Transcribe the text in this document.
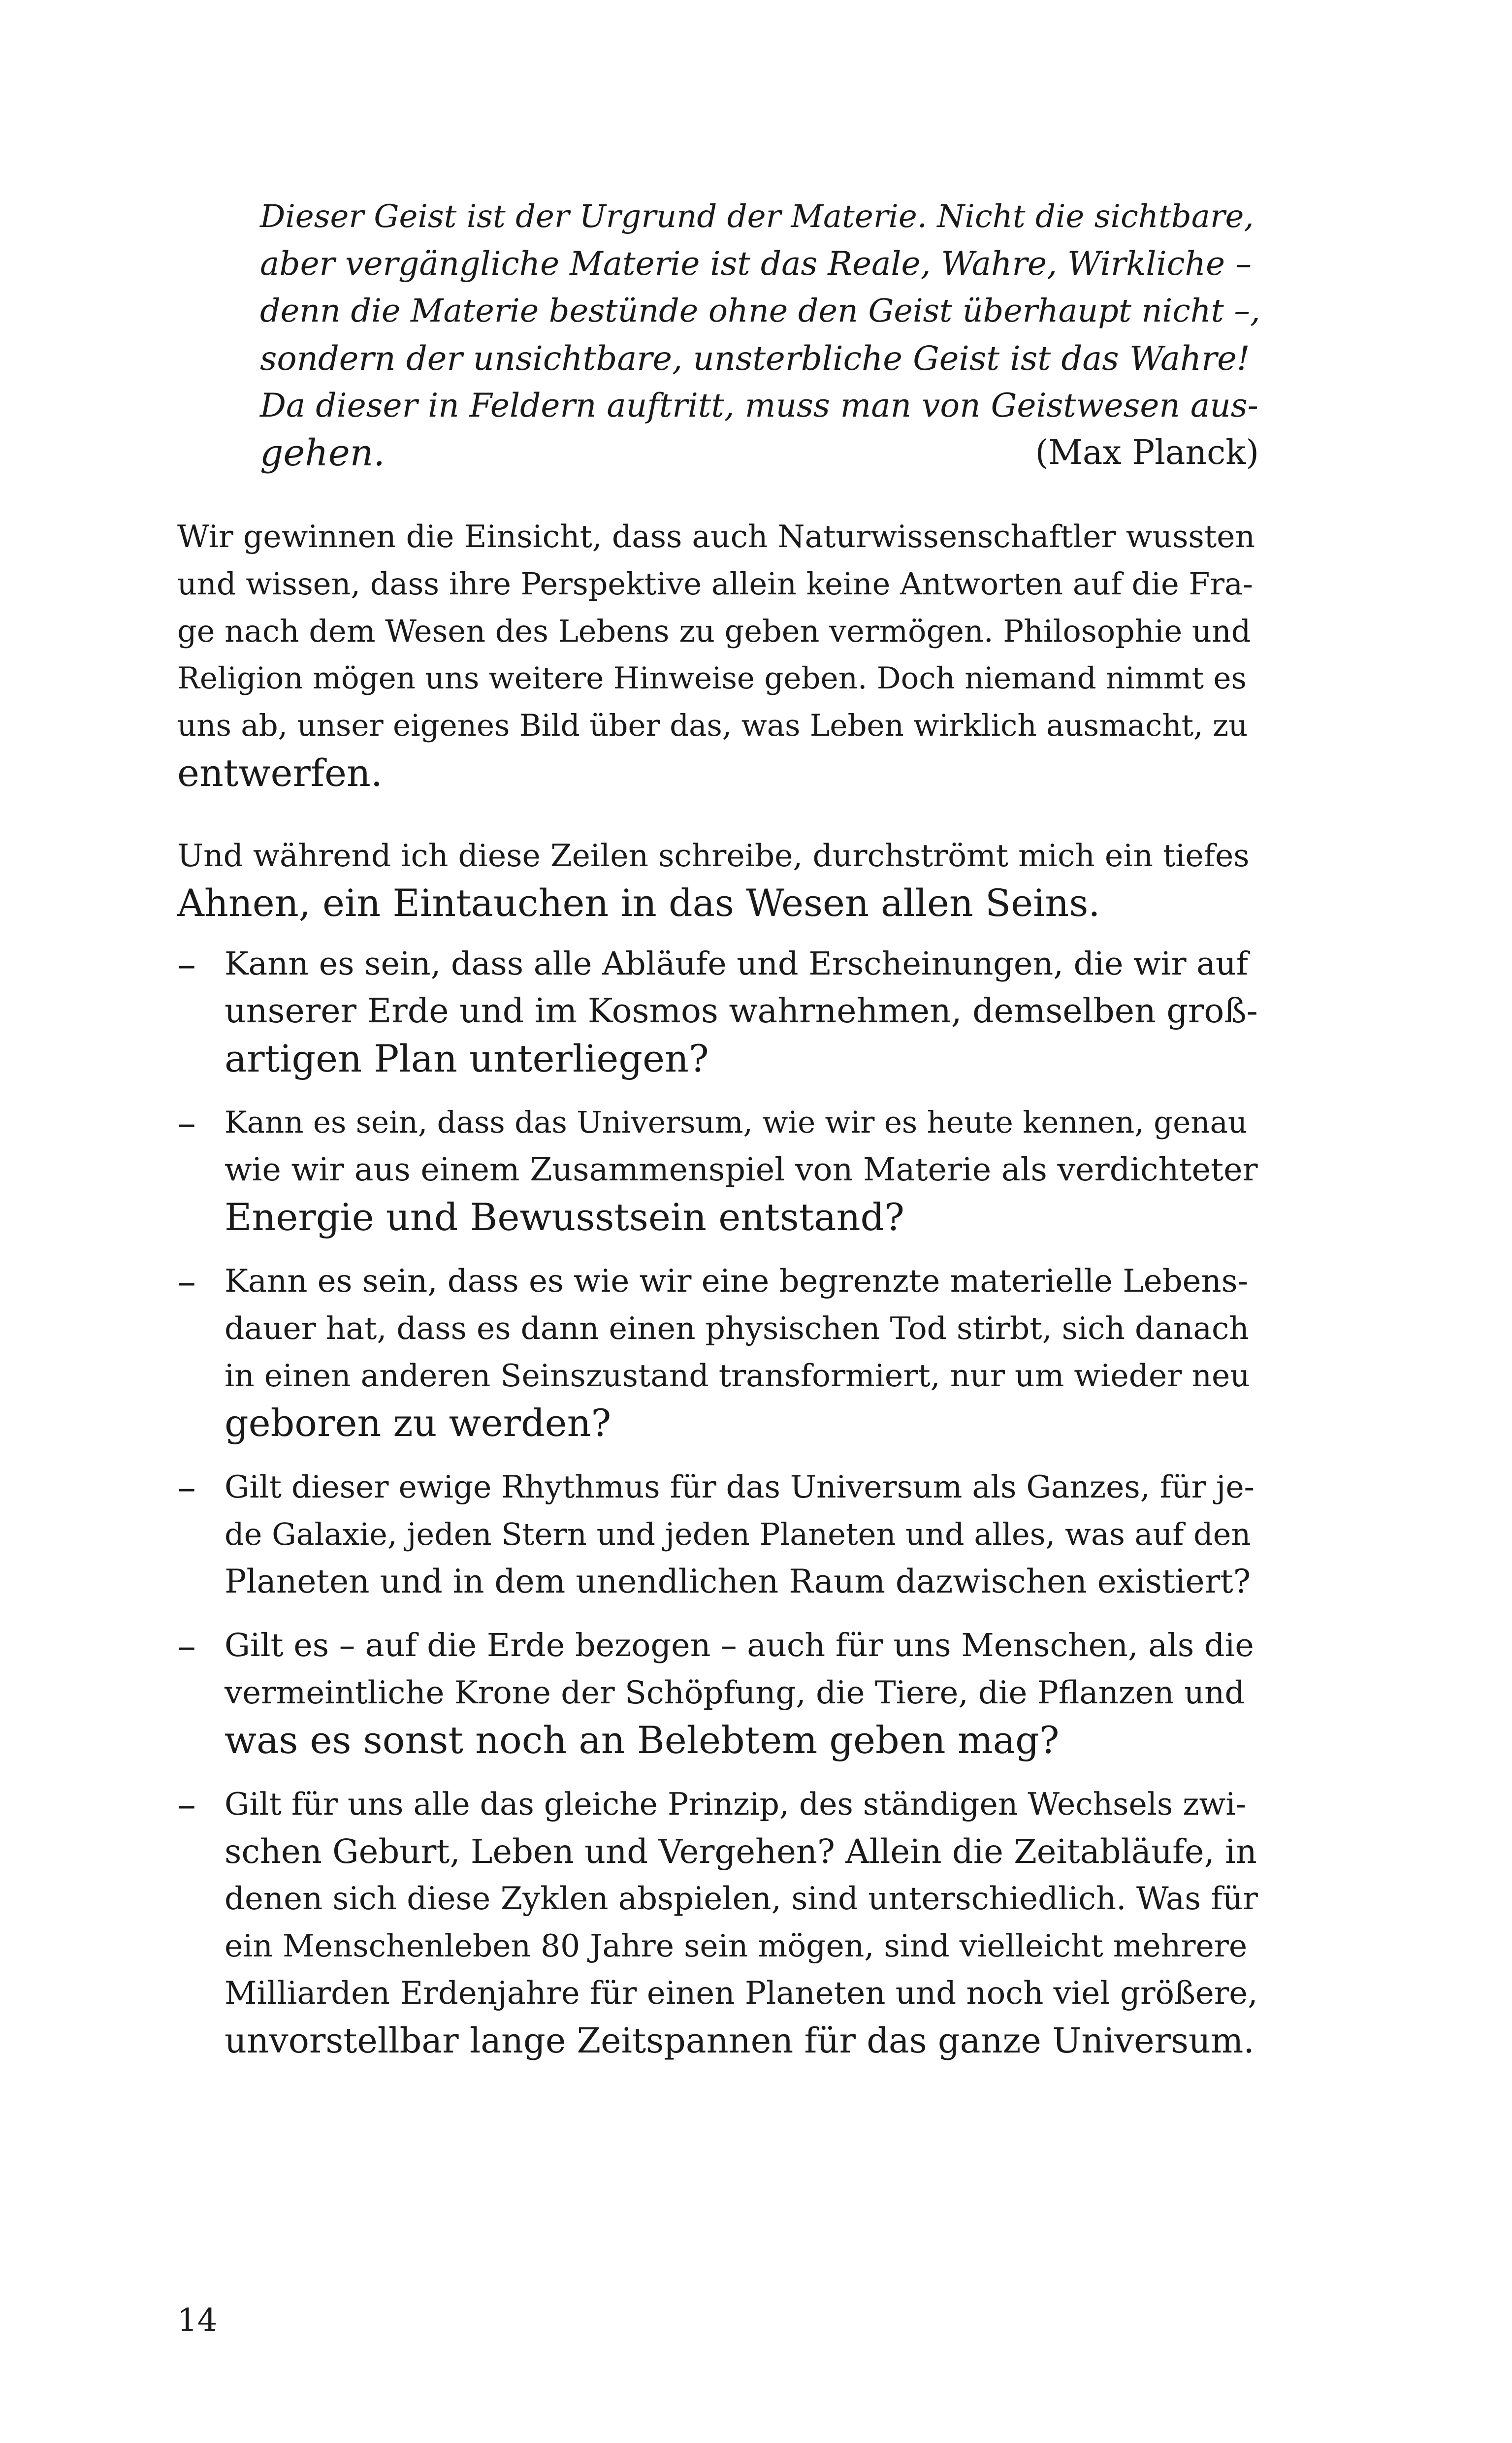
Dieser Geist ist der Urgrund der Materie. Nicht die sichtbare,
aber vergängliche Materie ist das Reale, Wahre, Wirkliche –
denn die Materie bestünde ohne den Geist überhaupt nicht –,
sondern der unsichtbare, unsterbliche Geist ist das Wahre!
Da dieser in Feldern auftritt, muss man von Geistwesen aus-
gehen.	(Max Planck)
Wir gewinnen die Einsicht, dass auch Naturwissenschaftler wussten
und wissen, dass ihre Perspektive allein keine Antworten auf die Fra-
ge nach dem Wesen des Lebens zu geben vermögen. Philosophie und
Religion mögen uns weitere Hinweise geben. Doch niemand nimmt es
uns ab, unser eigenes Bild über das, was Leben wirklich ausmacht, zu
entwerfen.
Und während ich diese Zeilen schreibe, durchströmt mich ein tiefes
Ahnen, ein Eintauchen in das Wesen allen Seins.
– Kann es sein, dass alle Abläufe und Erscheinungen, die wir auf
unserer Erde und im Kosmos wahrnehmen, demselben groß-
artigen Plan unterliegen?
– Kann es sein, dass das Universum, wie wir es heute kennen, genau
wie wir aus einem Zusammenspiel von Materie als verdichteter
Energie und Bewusstsein entstand?
– Kann es sein, dass es wie wir eine begrenzte materielle Lebens-
dauer hat, dass es dann einen physischen Tod stirbt, sich danach
in einen anderen Seinszustand transformiert, nur um wieder neu
geboren zu werden?
– Gilt dieser ewige Rhythmus für das Universum als Ganzes, für je-
de Galaxie, jeden Stern und jeden Planeten und alles, was auf den
Planeten und in dem unendlichen Raum dazwischen existiert?
– Gilt es – auf die Erde bezogen – auch für uns Menschen, als die
vermeintliche Krone der Schöpfung, die Tiere, die Pflanzen und
was es sonst noch an Belebtem geben mag?
– Gilt für uns alle das gleiche Prinzip, des ständigen Wechsels zwi-
schen Geburt, Leben und Vergehen? Allein die Zeitabläufe, in
denen sich diese Zyklen abspielen, sind unterschiedlich. Was für
ein Menschenleben 80 Jahre sein mögen, sind vielleicht mehrere
Milliarden Erdenjahre für einen Planeten und noch viel größere,
unvorstellbar lange Zeitspannen für das ganze Universum.
14
